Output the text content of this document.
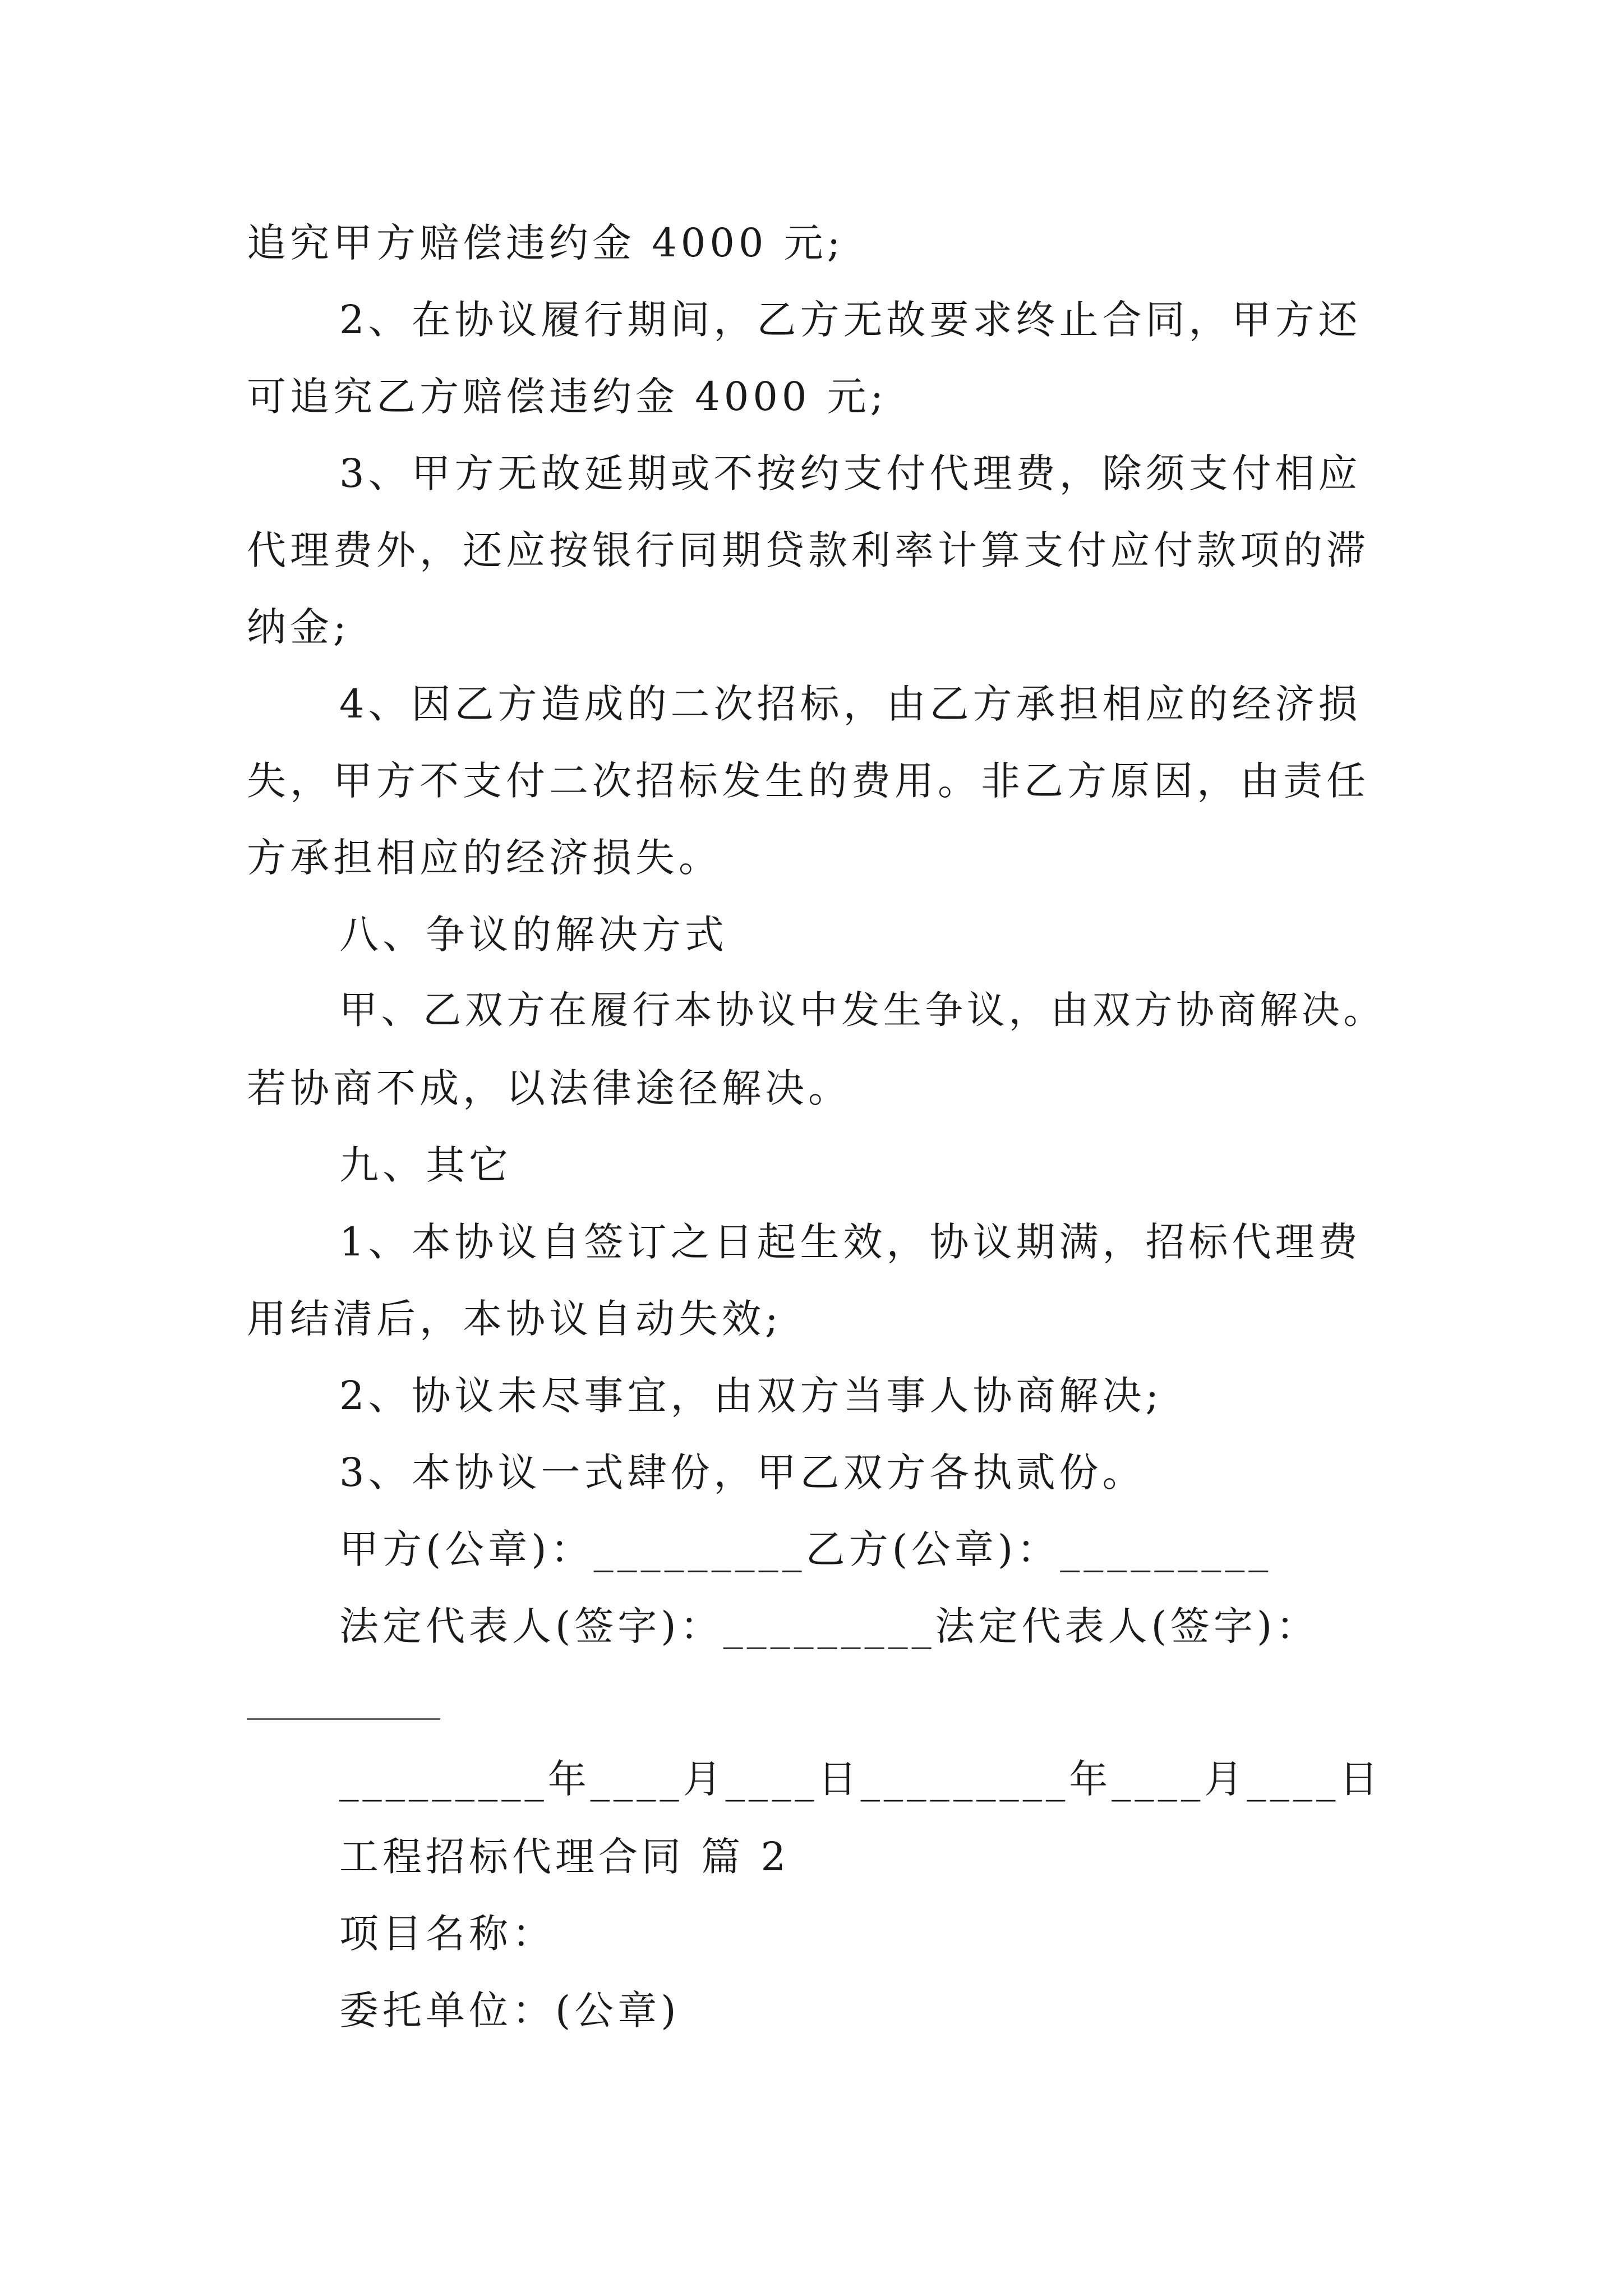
追究甲方赔偿违约金 4000 元;
2、在协议履行期间，乙方无故要求终止合同，甲方还
可追究乙方赔偿违约金 4000 元;
3、甲方无故延期或不按约支付代理费，除须支付相应
代理费外，还应按银行同期贷款利率计算支付应付款项的滞
纳金;
4、因乙方造成的二次招标，由乙方承担相应的经济损
失，甲方不支付二次招标发生的费用。非乙方原因，由责任
方承担相应的经济损失。
八、争议的解决方式
甲、乙双方在履行本协议中发生争议，由双方协商解决。
若协商不成，以法律途径解决。
九、其它
1、本协议自签订之日起生效，协议期满，招标代理费
用结清后，本协议自动失效;
2、协议未尽事宜，由双方当事人协商解决;
3、本协议一式肆份，甲乙双方各执贰份。
甲方(公章)：_________乙方(公章)：_________
法定代表人(签字)：_________法定代表人(签字)：
_________年____月____日_________年____月____日
工程招标代理合同 篇 2
项目名称：
委托单位：(公章)
